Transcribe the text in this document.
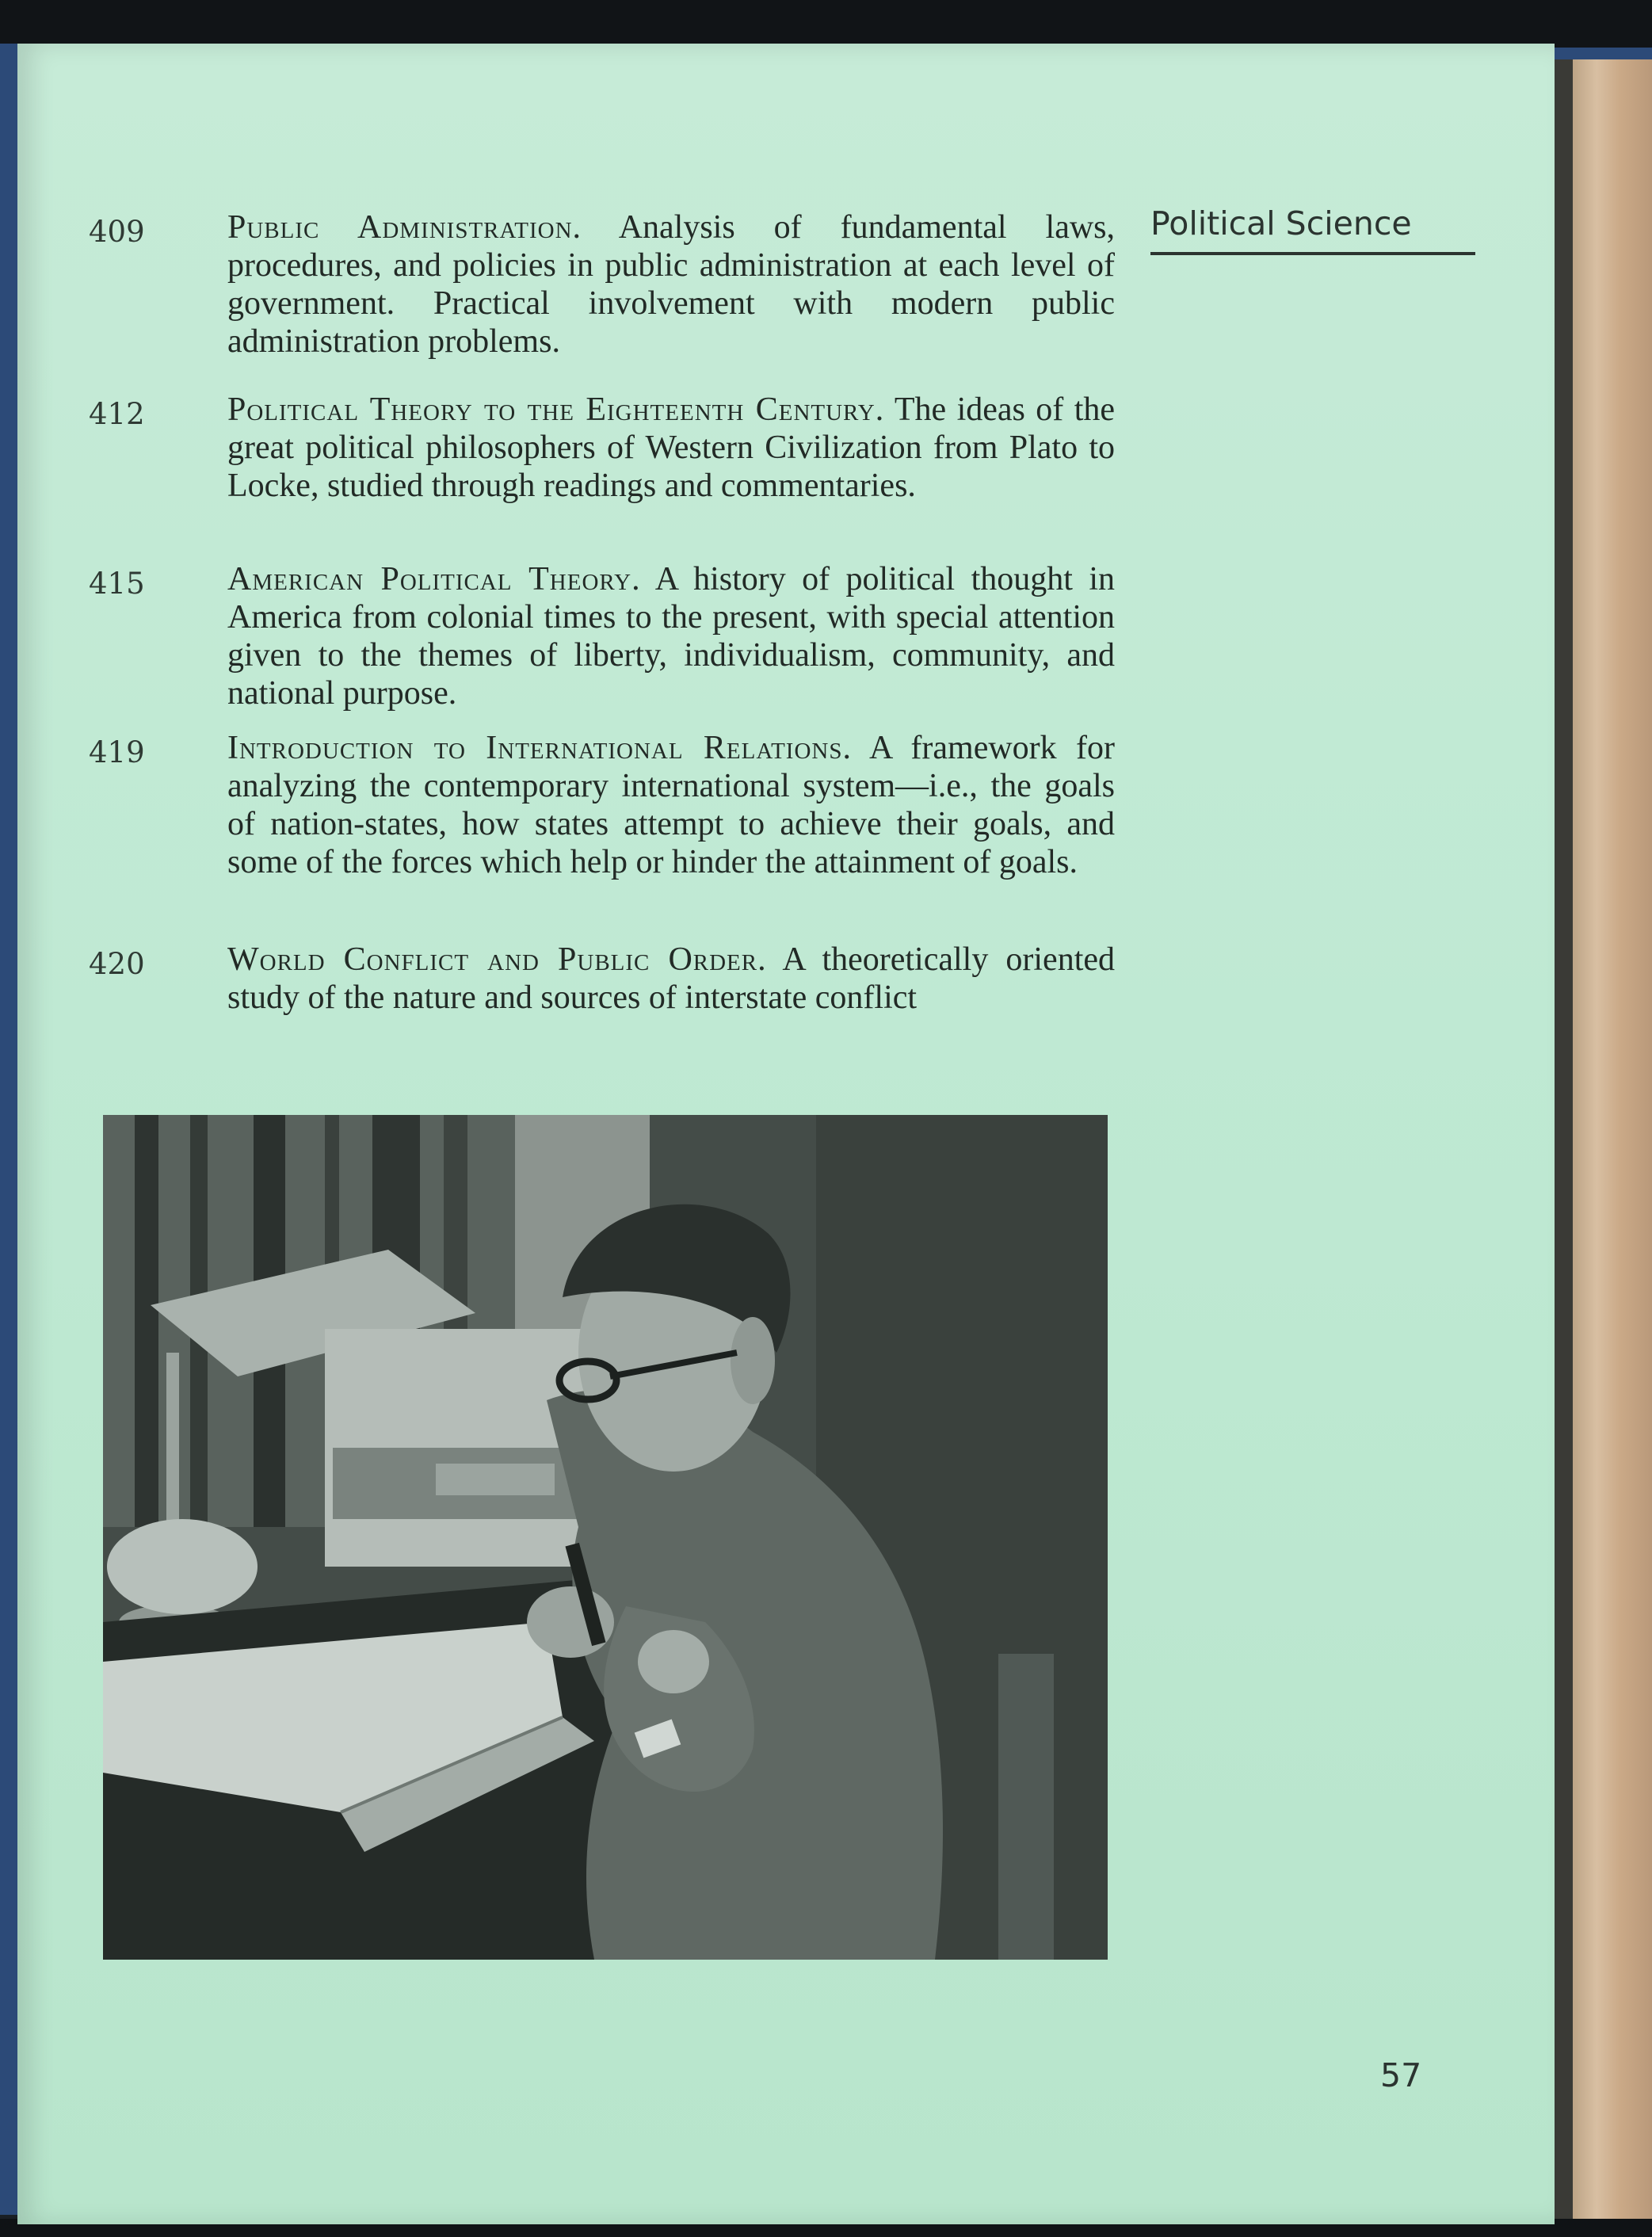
Political Science
409 Public Administration. Analysis of fundamental laws, procedures, and policies in public administration at each level of government. Practical involvement with modern public administration problems.
412 Political Theory to the Eighteenth Century. The ideas of the great political philosophers of Western Civilization from Plato to Locke, studied through readings and commentaries.
415 American Political Theory. A history of political thought in America from colonial times to the present, with special attention given to the themes of liberty, individualism, community, and national purpose.
419 Introduction to International Relations. A framework for analyzing the contemporary international system—i.e., the goals of nation-states, how states attempt to achieve their goals, and some of the forces which help or hinder the attainment of goals.
420 World Conflict and Public Order. A theoretically oriented study of the nature and sources of interstate conflict
57
